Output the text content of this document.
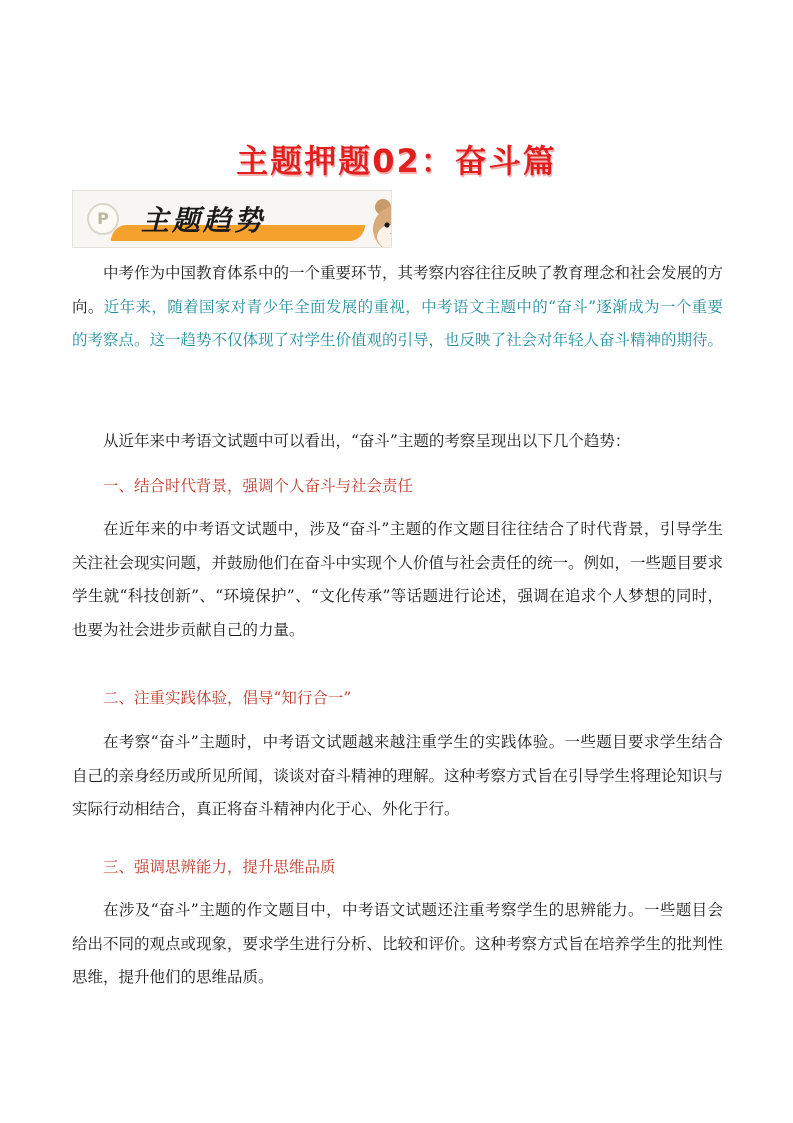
主题押题02：奋斗篇
P	主题趋势
中考作为中国教育体系中的一个重要环节，其考察内容往往反映了教育理念和社会发展的方向。近年来，随着国家对青少年全面发展的重视，中考语文主题中的“奋斗”逐渐成为一个重要的考察点。这一趋势不仅体现了对学生价值观的引导，也反映了社会对年轻人奋斗精神的期待。
从近年来中考语文试题中可以看出，“奋斗”主题的考察呈现出以下几个趋势：
一、结合时代背景，强调个人奋斗与社会责任
在近年来的中考语文试题中，涉及“奋斗”主题的作文题目往往结合了时代背景，引导学生关注社会现实问题，并鼓励他们在奋斗中实现个人价值与社会责任的统一。例如，一些题目要求学生就“科技创新”、“环境保护”、“文化传承”等话题进行论述，强调在追求个人梦想的同时，也要为社会进步贡献自己的力量。
二、注重实践体验，倡导“知行合一”
在考察“奋斗”主题时，中考语文试题越来越注重学生的实践体验。一些题目要求学生结合自己的亲身经历或所见所闻，谈谈对奋斗精神的理解。这种考察方式旨在引导学生将理论知识与实际行动相结合，真正将奋斗精神内化于心、外化于行。
三、强调思辨能力，提升思维品质
在涉及“奋斗”主题的作文题目中，中考语文试题还注重考察学生的思辨能力。一些题目会给出不同的观点或现象，要求学生进行分析、比较和评价。这种考察方式旨在培养学生的批判性思维，提升他们的思维品质。
